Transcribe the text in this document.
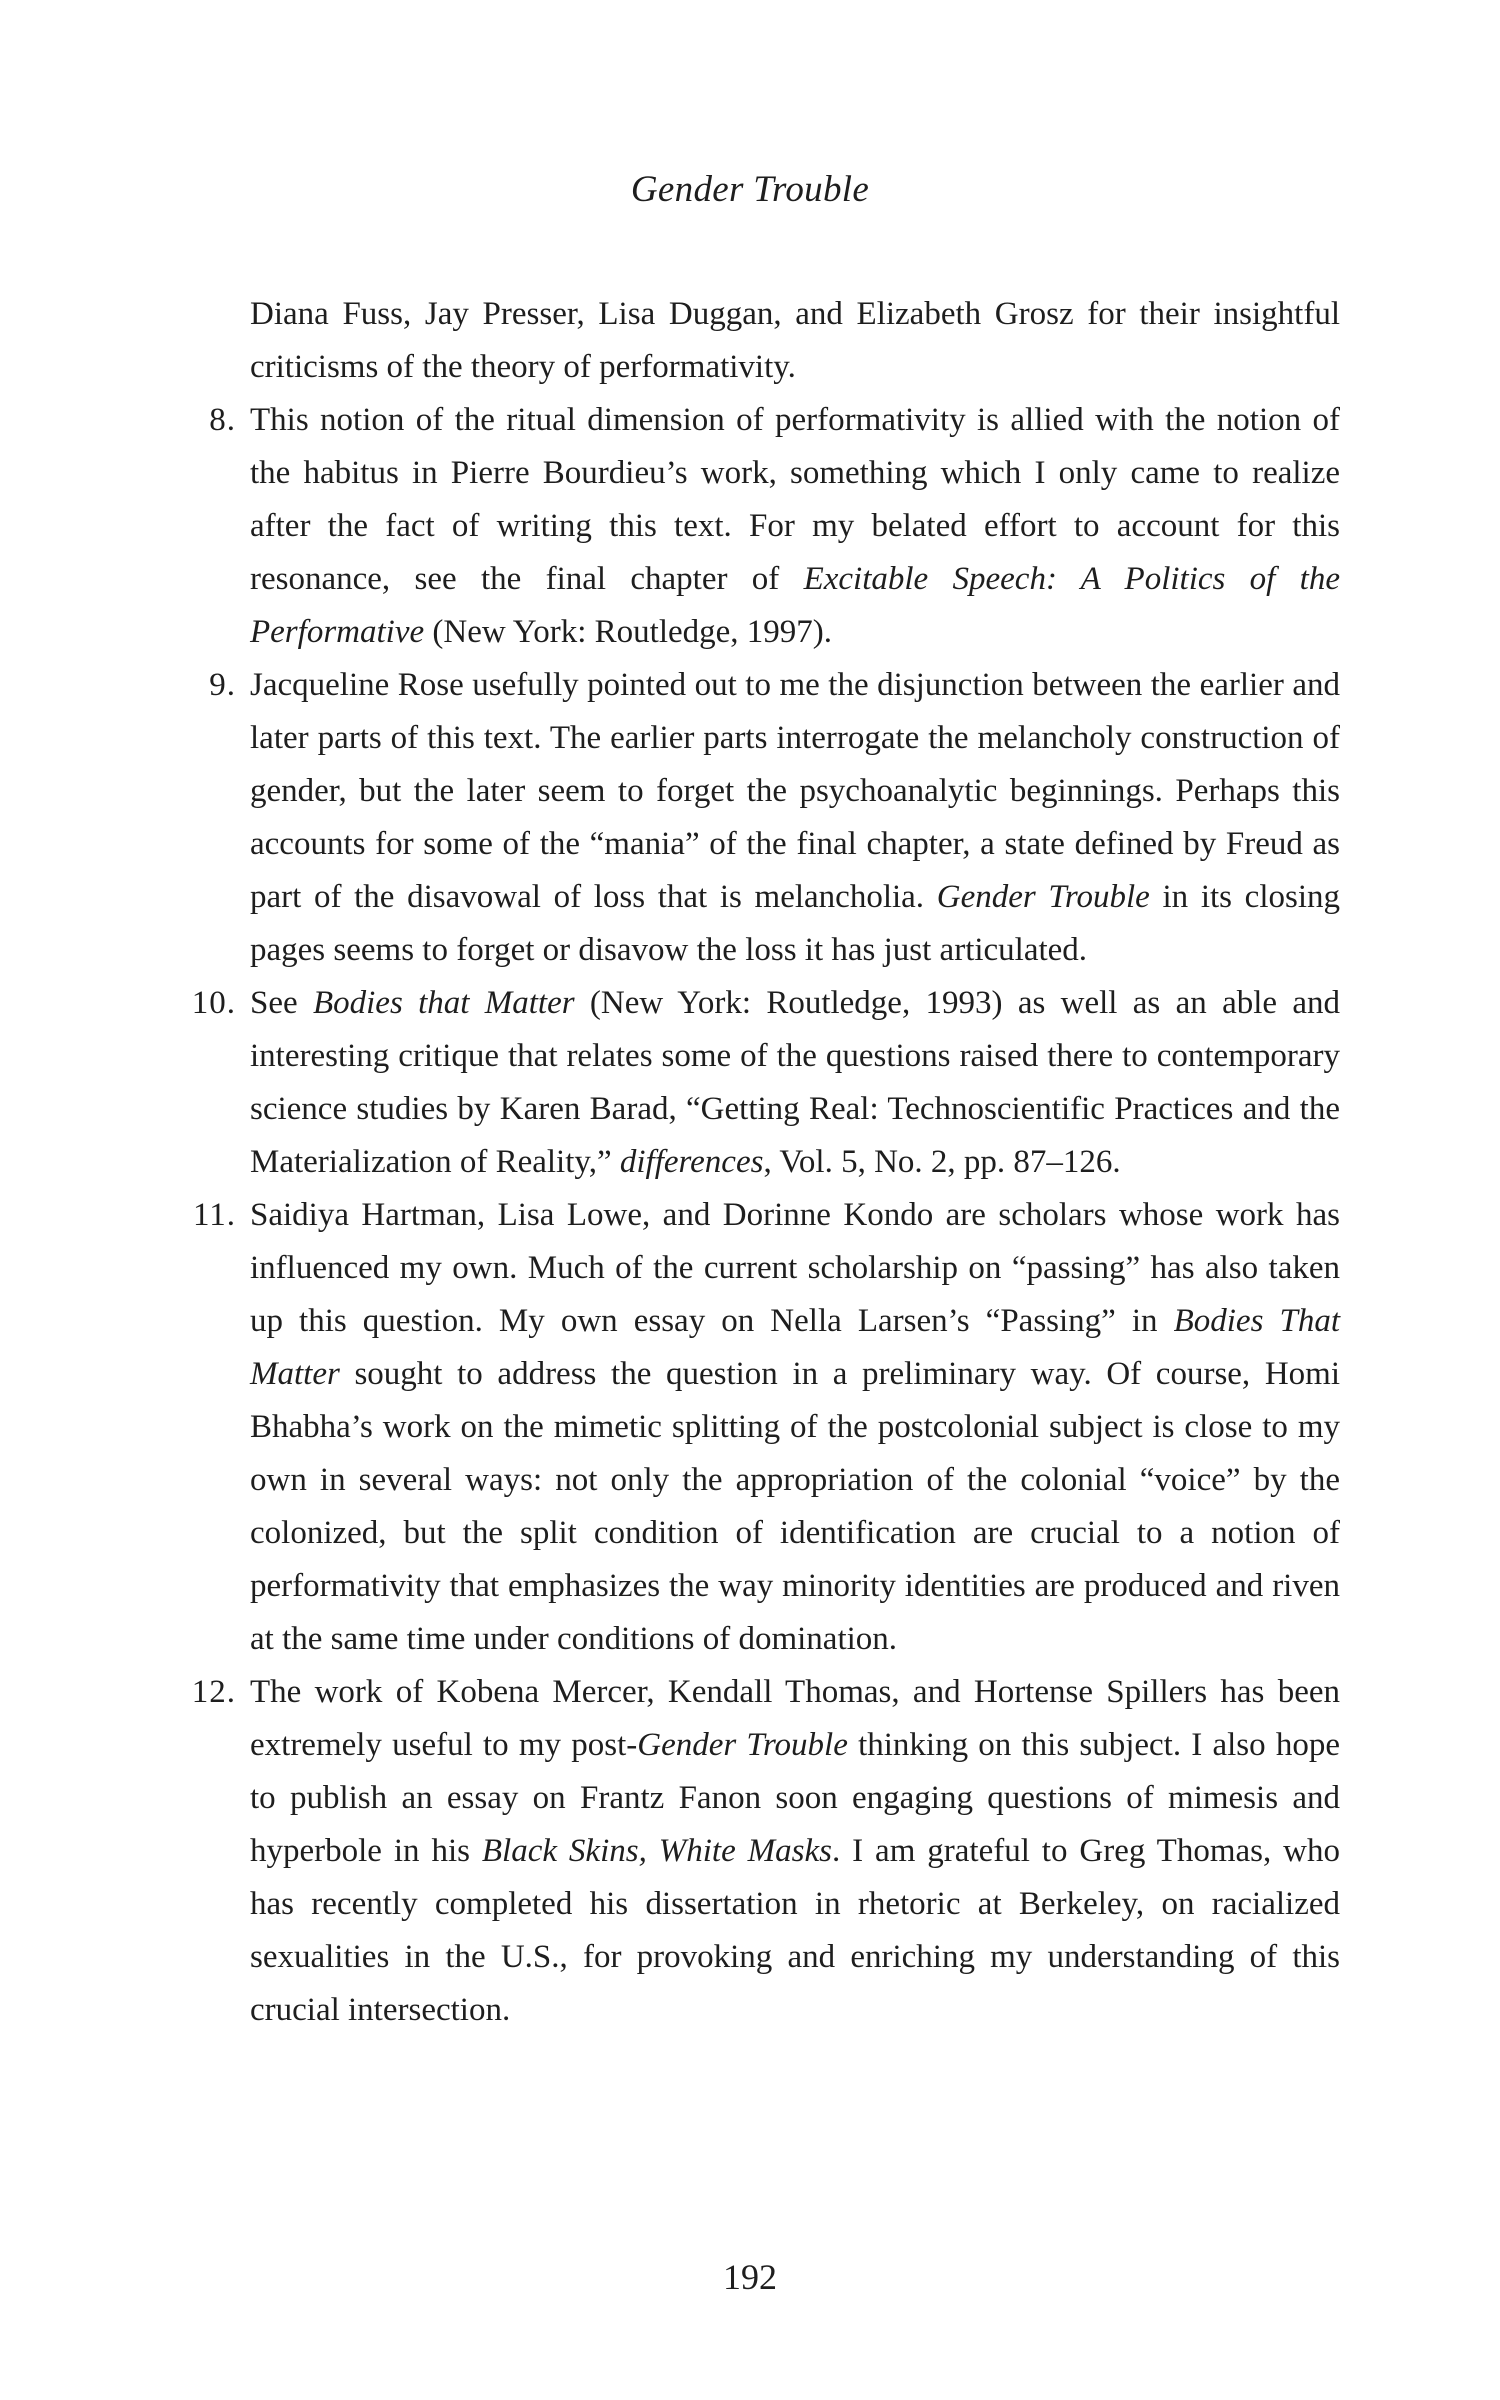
Gender Trouble

Diana Fuss, Jay Presser, Lisa Duggan, and Elizabeth Grosz for their insightful criticisms of the theory of performativity.

8. This notion of the ritual dimension of performativity is allied with the notion of the habitus in Pierre Bourdieu’s work, something which I only came to realize after the fact of writing this text. For my belated effort to account for this resonance, see the final chapter of Excitable Speech: A Politics of the Performative (New York: Routledge, 1997).

9. Jacqueline Rose usefully pointed out to me the disjunction between the earlier and later parts of this text. The earlier parts interrogate the melancholy construction of gender, but the later seem to forget the psychoanalytic beginnings. Perhaps this accounts for some of the “mania” of the final chapter, a state defined by Freud as part of the disavowal of loss that is melancholia. Gender Trouble in its closing pages seems to forget or disavow the loss it has just articulated.

10. See Bodies that Matter (New York: Routledge, 1993) as well as an able and interesting critique that relates some of the questions raised there to contemporary science studies by Karen Barad, “Getting Real: Technoscientific Practices and the Materialization of Reality,” differences, Vol. 5, No. 2, pp. 87–126.

11. Saidiya Hartman, Lisa Lowe, and Dorinne Kondo are scholars whose work has influenced my own. Much of the current scholarship on “passing” has also taken up this question. My own essay on Nella Larsen’s “Passing” in Bodies That Matter sought to address the question in a preliminary way. Of course, Homi Bhabha’s work on the mimetic splitting of the postcolonial subject is close to my own in several ways: not only the appropriation of the colonial “voice” by the colonized, but the split condition of identification are crucial to a notion of performativity that emphasizes the way minority identities are produced and riven at the same time under conditions of domination.

12. The work of Kobena Mercer, Kendall Thomas, and Hortense Spillers has been extremely useful to my post-Gender Trouble thinking on this subject. I also hope to publish an essay on Frantz Fanon soon engaging questions of mimesis and hyperbole in his Black Skins, White Masks. I am grateful to Greg Thomas, who has recently completed his dissertation in rhetoric at Berkeley, on racialized sexualities in the U.S., for provoking and enriching my understanding of this crucial intersection.

192
